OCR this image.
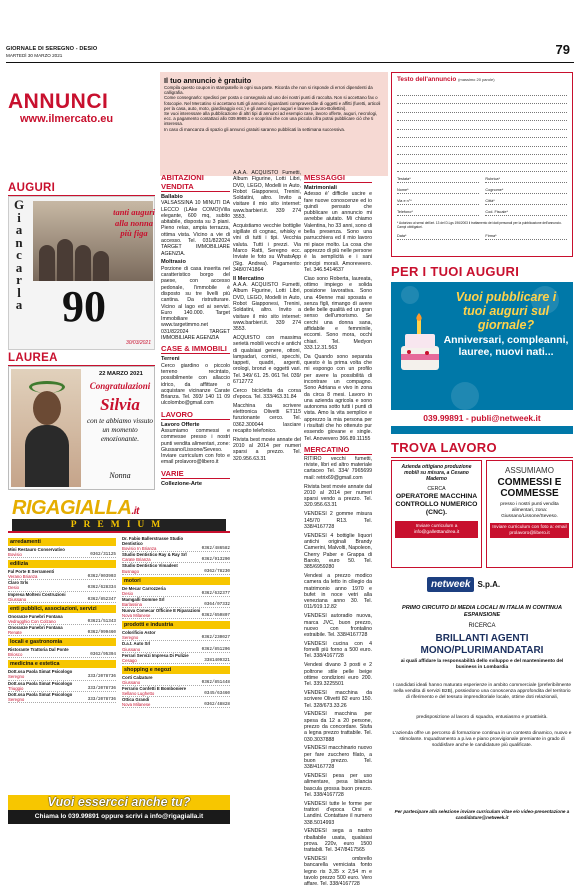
GIORNALE DI SEREGNO - DESIO
MARTEDÌ 30 MARZO 2021	79
ANNUNCI
www.ilmercato.eu
Il tuo annuncio è gratuito

Compila questo coupon in stampatello in ogni sua parte. Ricorda che non si risponde di errori dipendenti da calligrafia.

Come consegnarlo: spedisci per posta o consegnalo ad uno dei nostri punti di raccolta. Non si accettano fax o fotocopie. Nel Mercatino si accettano tutti gli annunci riguardanti compravendite di oggetti e affitti (furetti, articoli per la casa, auto, moto, giardinaggio ecc.) e gli annunci per auguri e lauree (Lavoro-Bollettini).

Se vuoi interessare alla pubblicazione di altri tipi di annunci ad esempio case, lavoro offerte, auguri, necrologi, ecc. a pagamento contattaci allo 039.9989.1 e scoprirai che con una piccola cifra potrai pubblicare ciò che ti interessa.

In caso di mancanza di spazio gli annunci gratuiti saranno pubblicati la settimana successiva.

Testo dell'annuncio (massimo 20 parole)
Testata*	Rubrica*
Nome*	Cognome*
Via e n°*	Città*
Telefono*	Cod. Fiscale*
* Autorizzo ai sensi dell'art. 13 del D.Lgs 196/2003 il trattamento dei dati personali per la pubblicazione dell'annuncio. Campi obbligatori.
Data*	Firma*
AUGURI
G
i
a
n
c
a
r
l
a 90
tanti auguri alla nonna più figa
30/03/2021
LAUREA
22 MARZO 2021
Congratulazioni
Silvia
con te abbiamo vissuto un momento emozionante.
Nonna
ABITAZIONI VENDITA
Ballabio
VALSASSINA 10 MINUTI DA LECCO (LAke COMO)Villa elegante, 600 mq, subito abitabile, disposta su 3 piani. Pieno relax, ampia terrazza, ottima vista. Vicino a vie di accesso. Tel. 031/822024 TARGET IMMOBILIARE AGENZIA.
Moltrasio
Porzione di casa inserita nel caratteristico borgo del paese, con accesso pedonale, l'immobile è disposto su tre livelli più cantina. Da ristrutturare. Vicino al lago ed ai servizi. Euro 140.000. Target Immobiliare www.targetimmo.net 031/822024 TARGET IMMOBILIARE AGENZIA
CASE & IMMOBILI
Terreni
Cerco giardino o piccolo terreno recintato, possibilmente con allaccio idrico, da affittare o acquistare vicinanze Carate Brianza. Tel. 393/ 140 11 09 ulcolombo@gmail.com
LAVORO
Lavoro Offerte
Assumiamo commessi e commesse presso i nostri punti vendita alimentari, zone: Giussano/Lissone/Seveso. Inviare curriculum con foto e email prolavoro@libero.it
VARIE
Collezione-Arte
MESSAGGI
Matrimoniali
Adesso è' difficile uscire e fare nuove conoscenze ed io quindi pensato che pubblicare un annuncio mi avrebbe aiutato. Mi chiamo Valentina, ho 33 anni, sono di bella presenza. Sono una parrucchiera ed il mio lavoro mi piace molto. La cosa che apprezzo di più nelle persone è la semplicità e i sani principi morali. Amoreveero. Tel. 346.5414637
Ciao sono Roberta, laureata, ottimo impiego e solida posizione lavorativa. Sono una 49enne mai sposata e senza figli, rimango di avere delle belle qualità ed un gran senso dell'umorismo. Se cerchi una donna sana, affidabile e femminile, eccomi. Sono mora, occhi chiari. Tel. Medyon 333.12.31.563
Da Quando sono separata questo è la prima volta che mi espongo con un profilo per avere la possibilità di incontrare un compagno. Sono Adriana e vivo in zona da circa 8 mesi. Lavoro in una azienda agricola e sono autonoma sotto tutti i punti di vista. Amo la vita semplice e apprezzo la mia persona per i risultati che ho ottenuto pur essendo giovane e single. Tel. Anovevero 366.89.11155
MERCATINO
RITIRO vecchi fumetti, riviste, libri ed altro materiale cartaceo Tel. 334/ 7965699 mail: retrix69@gmail.com
Rivista best movie annate dal 2010 al 2014 per numeri sparsi vendo a prezzo. Tel. 320.956.63.31
VENDESI 2 gomme misura 145/70 R13. Tel. 338/4167728
VENDESI 4 bottiglie liquori antichi originali Brandy Camerini, Malvolti, Napoleon, Cherry Paber e Grappa di Barolo, euro 50. Tel. 385/6959280
Vendesi a prezzo modico camera da letto in ciliegio da matrimonio anno 1970 e bufet in noce vetri alla veneziana anno 30. Tel. 011/919.12.82
VENDESI autoradio nuova, marca JVC, buon prezzo, nuovo con frontalino estraibile. Tel. 338/4167728
VENDESI cucina con 4 fornelli più forno a 500 euro. Tel. 338/4167728
Vendesi divano 3 posti e 2 poltrone stile pelle beige ottime condizioni euro 200. Tel. 339.3225501
VENDESI macchina da scrivere Olivetti 82 euro 150. Tel. 328/673.33.26
VENDESI macchina per spesa da 12 a 20 persone, prezzo da concordare. Stufa a legna prezzo trattabile. Tel. 030.3037888
VENDESI macchinario nuovo per fare zucchero filato, a buon prezzo. Tel. 338/4167728
VENDESI pesa per uso alimentare, pesa bilancia bascula grossa buon prezzo. Tel. 338/4167728
VENDESI tutte le forme per trattori d'epoca Orsi e Landini. Contattare il numero 338.5014993
VENDESI sega a nastro ribaltabile usata, qualsiasi prova. 220v, euro 1500 trattabili. Tel. 347/8417565
VENDESI ombrello bancarella verniciata fonto legno ris 3,35 x 2,54 m e tavolo prezzo 500 euro. Vero affare. Tel. 338/4167728
RIGAGIALLA.it
PREMIUM
arredamenti
Mini Restauro Conservativo
Bovisio	0362/31125
edilizia
Fal Porte E Serramenti
Verano Brianza	0362/903903
Claro Srls
Desio	0362/628334
Impresa Molteni Costruzioni
Giussano	0362/852347
enti pubblici, associazioni, servizi
Onoranze Funebri Fontana
Vedrugghio Con Colzano	03621/51343
Onoranze Funebri Fontana
Renate	0362/999460
locali e gastronomia
Ristorante Trattoria Dal Ponte
Briosco	0362/95394
medicina e estetica
Dott.ssa Paola Simat Psicologo
Seregno	333/2078736
Dott.ssa Paola Simat Psicologo
Triuggio	333/2078736
Dott.ssa Paola Simat Psicologo
Seregno	333/2078736
Dr. Fabio Ballerstrasse Studio Dentistico
Bovisio In Brianza	0362/486582
Studio Dentistico Ray & Ray Srl
Carate Brianza	0362/913290
Studio Dentistico Vimadent
Busnago	0362/78230
motori
De Mecar Carrozzeria
Desio	0362/632377
Mamgalli Gomme Srl
Barlassina	0364/07332
Nuova Comecar Officine E Riparazioni
Nova Milanese	0362/650807
prodotti e industria
Colorificio Astor
Seregno	0362/230027
D.a.t. Auto Srl
Giussano	0362/851206
Ferrari Servizi Impresa Di Pulizie
Cesago	3381409321
shopping e negozi
Corti Calzature
Giussano	0362/851448
Ferrario Confetti E Bomboniere
Sellano Lughetto	0345/63460
Ottica Grandi
Nova Milanese	0362/48828
Vuoi essercci anche tu?
Chiama lo 039.99891 oppure scrivi a info@rigagialla.it
PER I TUOI AUGURI
Vuoi pubblicare i tuoi auguri sul giornale?
Anniversari, compleanni, lauree, nuovi nati...
039.99891 - publi@netweek.it
TROVA LAVORO
Azienda ottigiano produzione mobili su misura, a Cesano Maderno
CERCA
OPERATORE MACCHINA CONTROLLO NUMERICO (CNC).
Inviare curriculum a info@galletttandrea.it
ASSUMIAMO
COMMESSI E COMMESSE
presso i nostri punti vendita alimentari, zona: Giussano/Lissone/Seveso.
Inviare curriculum con foto a: email prolavoro@libero.it
netweek S.p.A.
PRIMO CIRCUITO DI MEDIA LOCALI IN ITALIA IN CONTINUA ESPANSIONE
RICERCA
BRILLANTI AGENTI MONO/PLURIMANDATARI
ai quali affidare la responsabilità dello sviluppo e del mantenimento del business in Lombardia
I candidati ideali hanno maturato esperienze in ambito commerciale (preferibilmente nella vendita di servizi B2B), possiedono una conoscenza approfondita del territorio di riferimento e del tessuto imprenditoriale locale, ottime doti relazionali,
predisposizione al lavoro di squadra, entusiasmo e proattività.
L'azienda offre un percorso di formazione continua in un contesto dinamico, nuovo e stimolante. Inquadramento a p.iva e piano provvigionale premiante in grado di soddisfare anche le candidature più qualificate.
Per partecipare alla selezione inviare curriculum vitae e/o video-presentazione a candidature@netweek.it
A.A.A. ACQUISTO Fumetti, Album Figurine, Lotti Libri, DVD, LEGO, Modelli in Auto, Robot Giapponesi, Trenini, Soldatini, altro. Invito a visitare il mio sito internet: www.barbieri.it. 339 274 3553.
Acquistiamo vecchie bottiglie sigillate di cognac, whisky e vini di tutti i tipi. Vecchia valuta. Tutti i prezzi. Via Marco Ratti, Seregno ecc. Inviate le foto su WhatsApp (Sig. Andrea). Pagamento: 348/0741864
Il Mercatino
A.A.A. ACQUISTO Fumetti, Album Figurine, Lotti Libri, DVD, LEGO, Modelli in Auto, Robot Giapponesi, Trenini, Soldatini, altro. Invito a visitare il mio sito internet: www.barbieri.it. 339 274 3553.
ACQUISTO con massima serietà mobili vecchi e antichi di qualsiasi genere, ottoni, lampadari, cornici, specchi, tappeti, quadri, argenti, orologi, bronzi e oggetti vari. Tel. 349/ 61. 25. 061 Tel. 039/ 6712772
Cerco bicicletta da corsa d'epoca. Tel. 333/463.31.84
Macchina da scrivere elettronica Olivetti ET115 funzionante cerco. Tel. 0362.300044 lasciare recapito telefonico.
Rivista best movie annate del 2010 al 2014 per numeri sparsi a prezzo. Tel. 320.956.63.31
